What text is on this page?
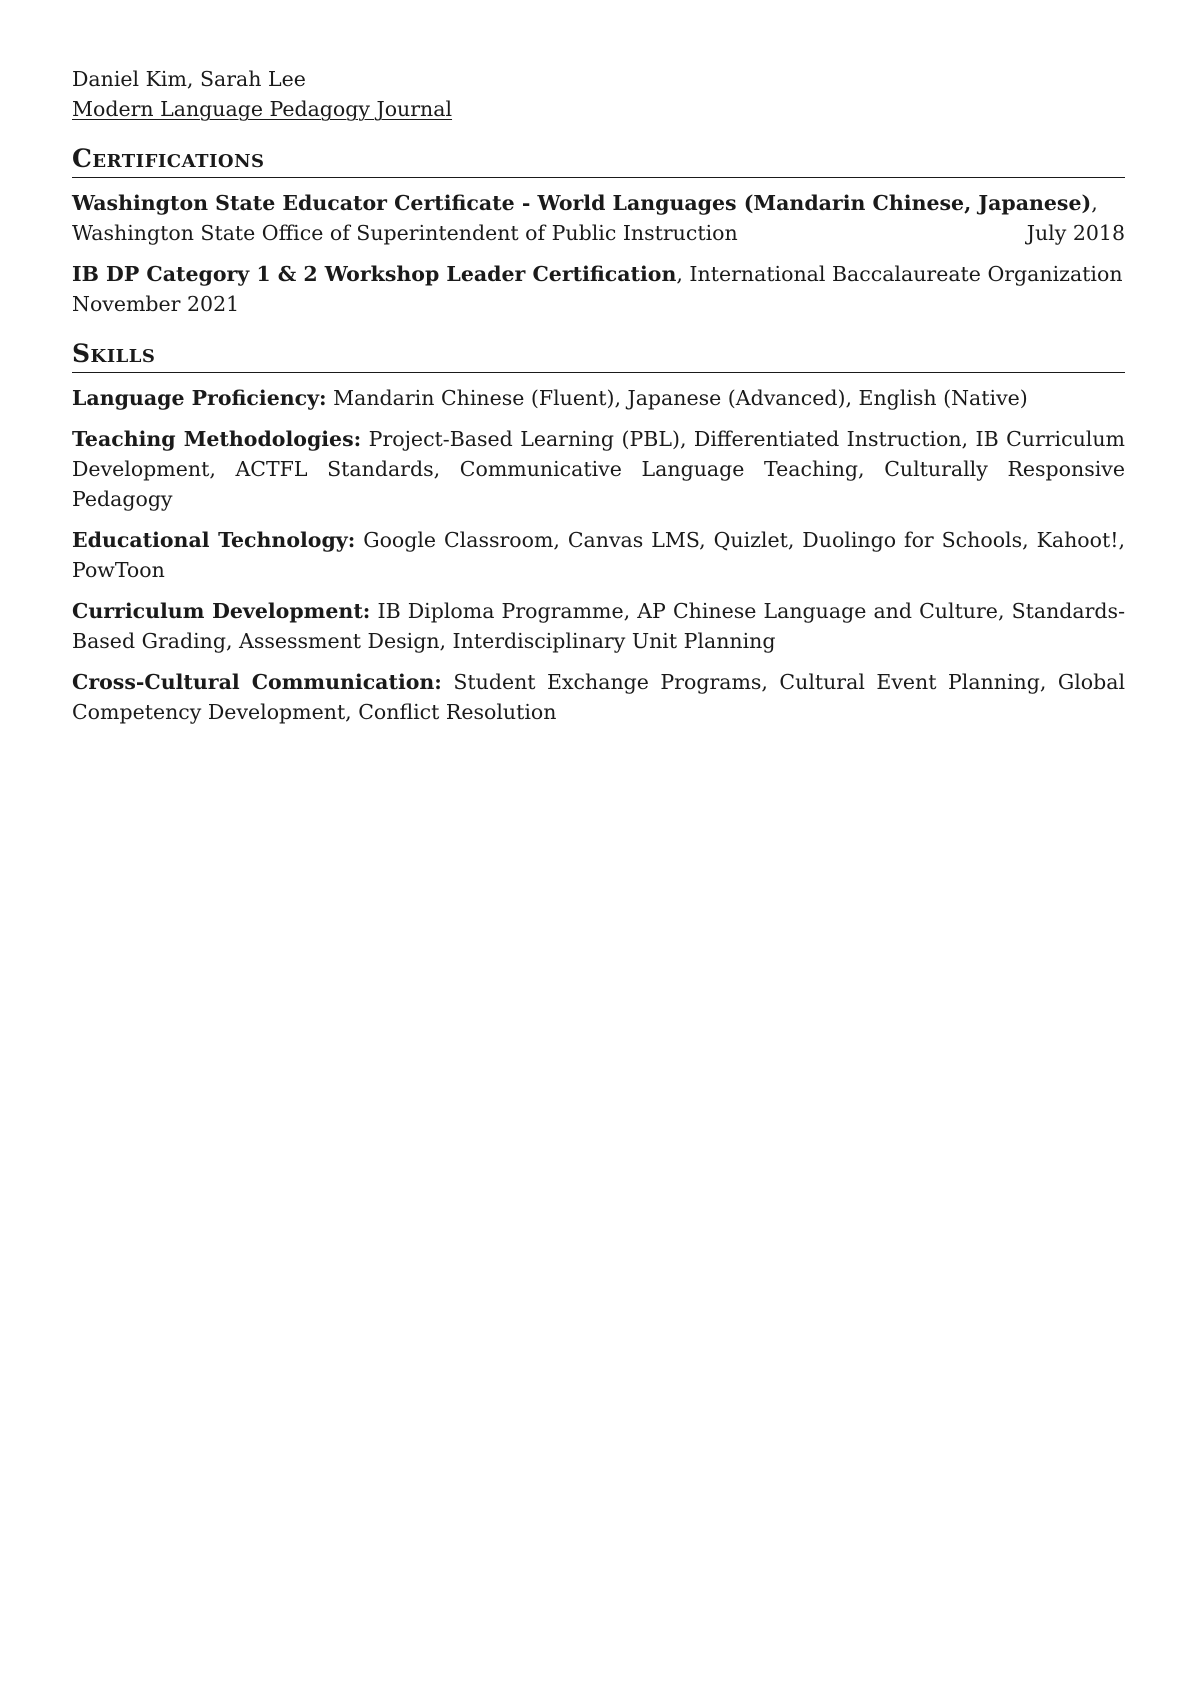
Daniel Kim, Sarah Lee
Modern Language Pedagogy Journal
Certifications
Washington State Educator Certificate - World Languages (Mandarin Chinese, Japanese),
Washington State Office of Superintendent of Public Instruction	July 2018
IB DP Category 1 & 2 Workshop Leader Certification, International Baccalaureate Organization
November 2021
Skills
Language Proficiency: Mandarin Chinese (Fluent), Japanese (Advanced), English (Native)
Teaching Methodologies: Project-Based Learning (PBL), Differentiated Instruction, IB Curriculum Development, ACTFL Standards, Communicative Language Teaching, Culturally Responsive Pedagogy
Educational Technology: Google Classroom, Canvas LMS, Quizlet, Duolingo for Schools, Kahoot!, PowToon
Curriculum Development: IB Diploma Programme, AP Chinese Language and Culture, Standards-Based Grading, Assessment Design, Interdisciplinary Unit Planning
Cross-Cultural Communication: Student Exchange Programs, Cultural Event Planning, Global Competency Development, Conflict Resolution
